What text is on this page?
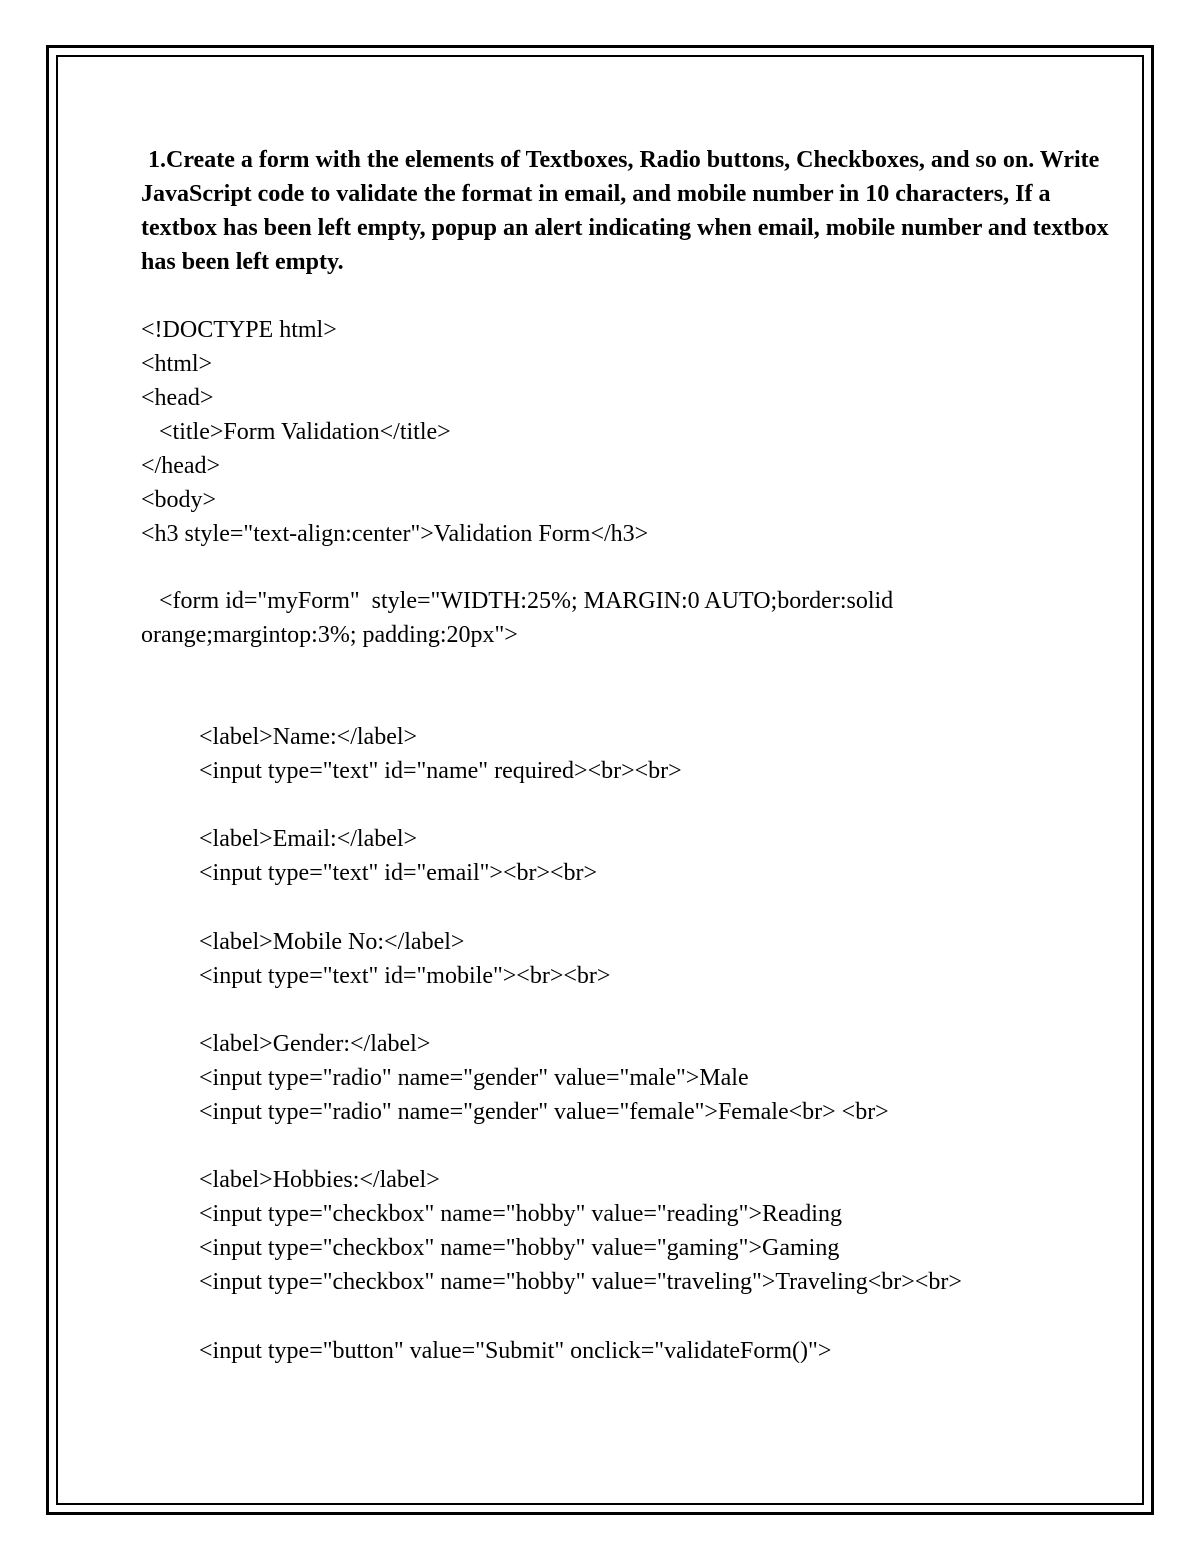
1.Create a form with the elements of Textboxes, Radio buttons, Checkboxes, and so on. Write JavaScript code to validate the format in email, and mobile number in 10 characters, If a textbox has been left empty, popup an alert indicating when email, mobile number and textbox has been left empty.

<!DOCTYPE html>
<html>
<head>
<title>Form Validation</title>
</head>
<body>
<h3 style="text-align:center">Validation Form</h3>
<form id="myForm"  style="WIDTH:25%; MARGIN:0 AUTO;border:solid
orange;margintop:3%; padding:20px">
<label>Name:</label>
<input type="text" id="name" required><br><br>
<label>Email:</label>
<input type="text" id="email"><br><br>
<label>Mobile No:</label>
<input type="text" id="mobile"><br><br>
<label>Gender:</label>
<input type="radio" name="gender" value="male">Male
<input type="radio" name="gender" value="female">Female<br> <br>
<label>Hobbies:</label>
<input type="checkbox" name="hobby" value="reading">Reading
<input type="checkbox" name="hobby" value="gaming">Gaming
<input type="checkbox" name="hobby" value="traveling">Traveling<br><br>
<input type="button" value="Submit" onclick="validateForm()">
